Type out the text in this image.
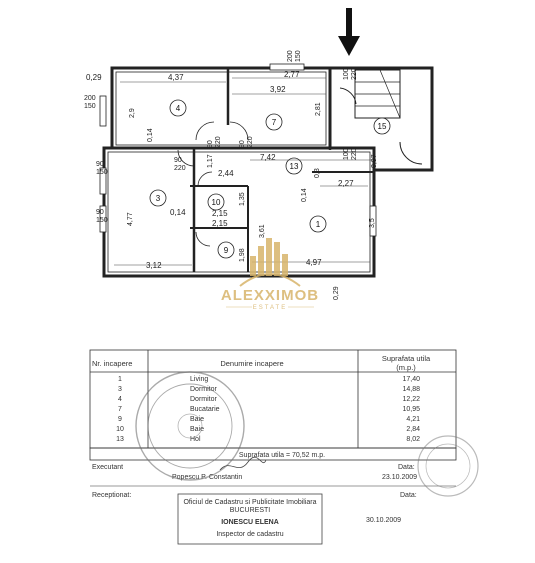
4
7	15
13
3	10
1
9
0,29	4,37	2,77
3,92
7,42
2,27
2,44
0,14	2,15
2,15
3,12	4,97
2,9
0,14
2,81
0,3
0,97
1,17
1,35
4,77
3,61
0,14
3,5
1,98
0,29
200150
200 150
100220
100220
90220 90220
90 150
90 150
90 220
ALEXXIMOB
ESTATE
Nr. incapere	Denumire incapere
Suprafata utila
(m.p.)
1	Living	17,40
3	Dormitor	14,88
4	Dormitor	12,22
7	Bucatarie	10,95
9	Baie	4,21
10	Baie	2,84
13	Hol	8,02
Suprafata utila = 70,52 m.p.
Executant
Popescu P. Constantin
Data:
23.10.2009
Receptionat:
Oficiul de Cadastru si Publicitate Imobiliara
BUCURESTI
IONESCU ELENA
Inspector de cadastru
Data:
30.10.2009
